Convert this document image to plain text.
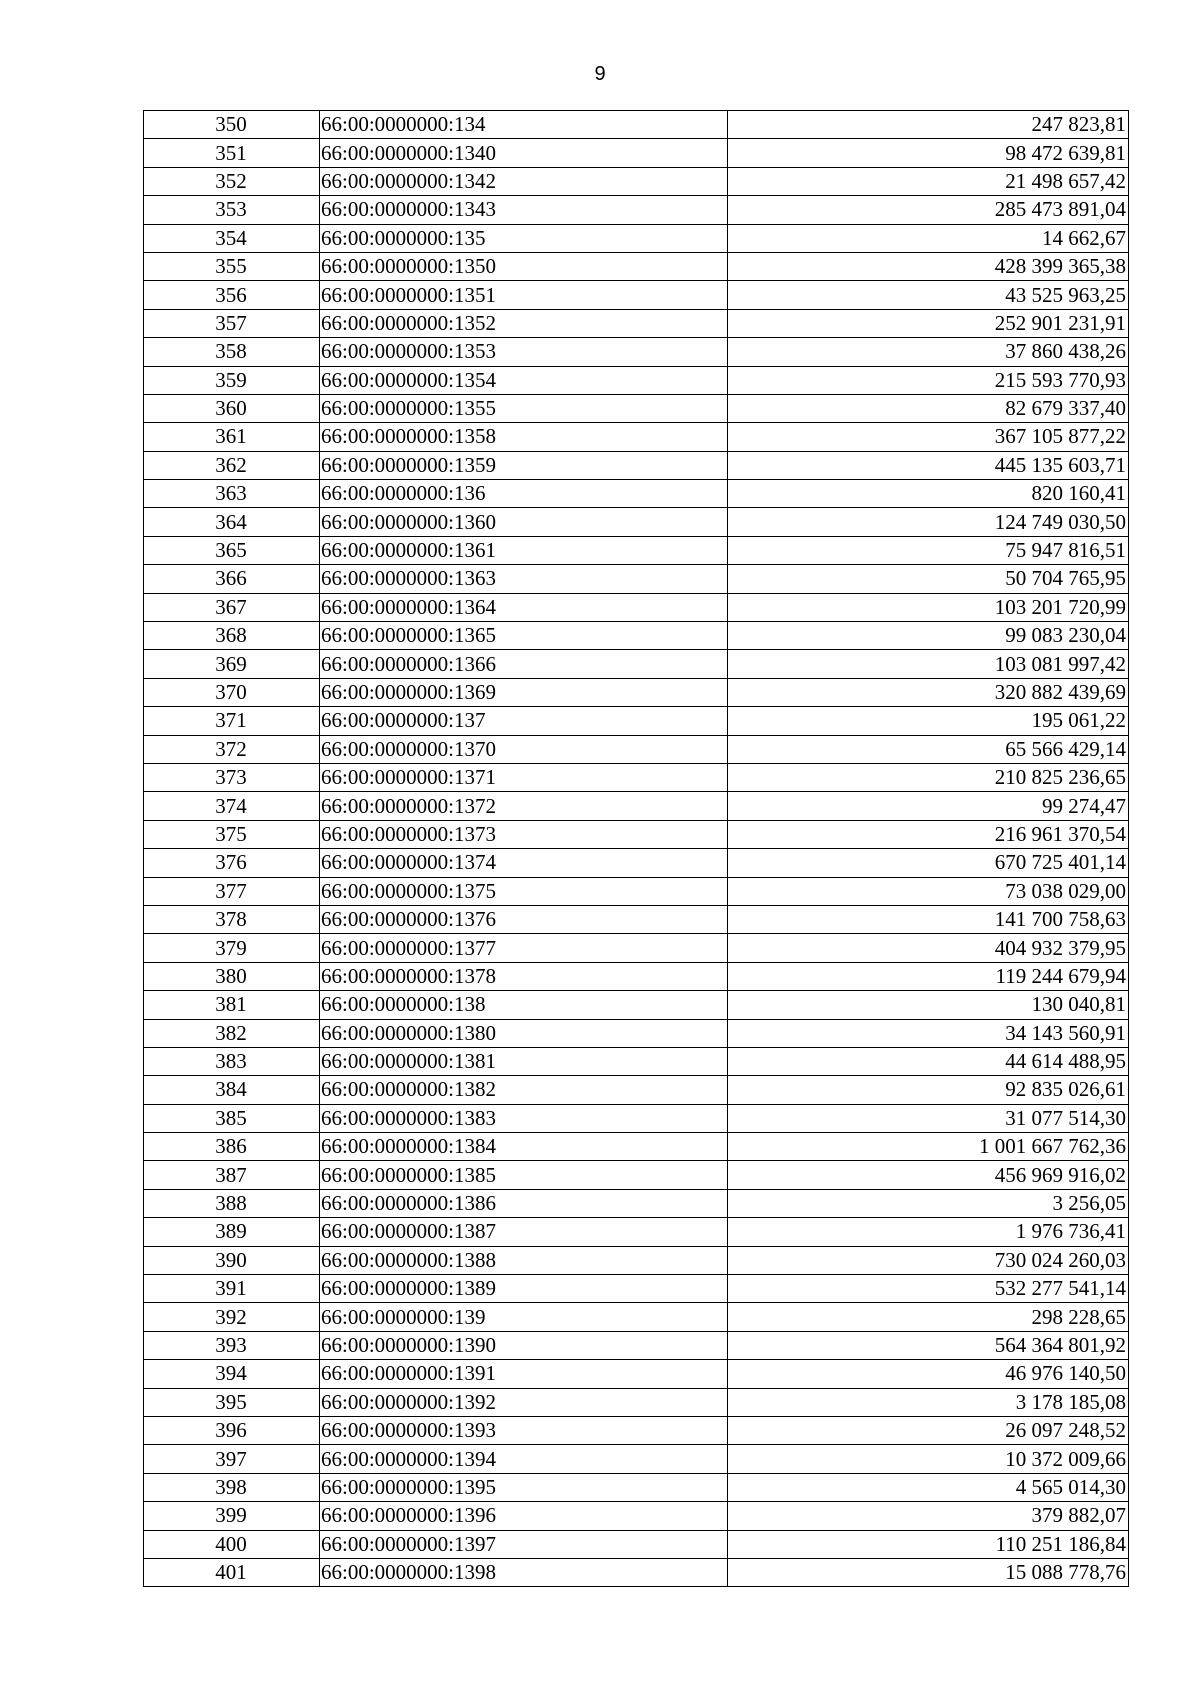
9
350	66:00:0000000:134	247 823,81
351	66:00:0000000:1340	98 472 639,81
352	66:00:0000000:1342	21 498 657,42
353	66:00:0000000:1343	285 473 891,04
354	66:00:0000000:135	14 662,67
355	66:00:0000000:1350	428 399 365,38
356	66:00:0000000:1351	43 525 963,25
357	66:00:0000000:1352	252 901 231,91
358	66:00:0000000:1353	37 860 438,26
359	66:00:0000000:1354	215 593 770,93
360	66:00:0000000:1355	82 679 337,40
361	66:00:0000000:1358	367 105 877,22
362	66:00:0000000:1359	445 135 603,71
363	66:00:0000000:136	820 160,41
364	66:00:0000000:1360	124 749 030,50
365	66:00:0000000:1361	75 947 816,51
366	66:00:0000000:1363	50 704 765,95
367	66:00:0000000:1364	103 201 720,99
368	66:00:0000000:1365	99 083 230,04
369	66:00:0000000:1366	103 081 997,42
370	66:00:0000000:1369	320 882 439,69
371	66:00:0000000:137	195 061,22
372	66:00:0000000:1370	65 566 429,14
373	66:00:0000000:1371	210 825 236,65
374	66:00:0000000:1372	99 274,47
375	66:00:0000000:1373	216 961 370,54
376	66:00:0000000:1374	670 725 401,14
377	66:00:0000000:1375	73 038 029,00
378	66:00:0000000:1376	141 700 758,63
379	66:00:0000000:1377	404 932 379,95
380	66:00:0000000:1378	119 244 679,94
381	66:00:0000000:138	130 040,81
382	66:00:0000000:1380	34 143 560,91
383	66:00:0000000:1381	44 614 488,95
384	66:00:0000000:1382	92 835 026,61
385	66:00:0000000:1383	31 077 514,30
386	66:00:0000000:1384	1 001 667 762,36
387	66:00:0000000:1385	456 969 916,02
388	66:00:0000000:1386	3 256,05
389	66:00:0000000:1387	1 976 736,41
390	66:00:0000000:1388	730 024 260,03
391	66:00:0000000:1389	532 277 541,14
392	66:00:0000000:139	298 228,65
393	66:00:0000000:1390	564 364 801,92
394	66:00:0000000:1391	46 976 140,50
395	66:00:0000000:1392	3 178 185,08
396	66:00:0000000:1393	26 097 248,52
397	66:00:0000000:1394	10 372 009,66
398	66:00:0000000:1395	4 565 014,30
399	66:00:0000000:1396	379 882,07
400	66:00:0000000:1397	110 251 186,84
401	66:00:0000000:1398	15 088 778,76
